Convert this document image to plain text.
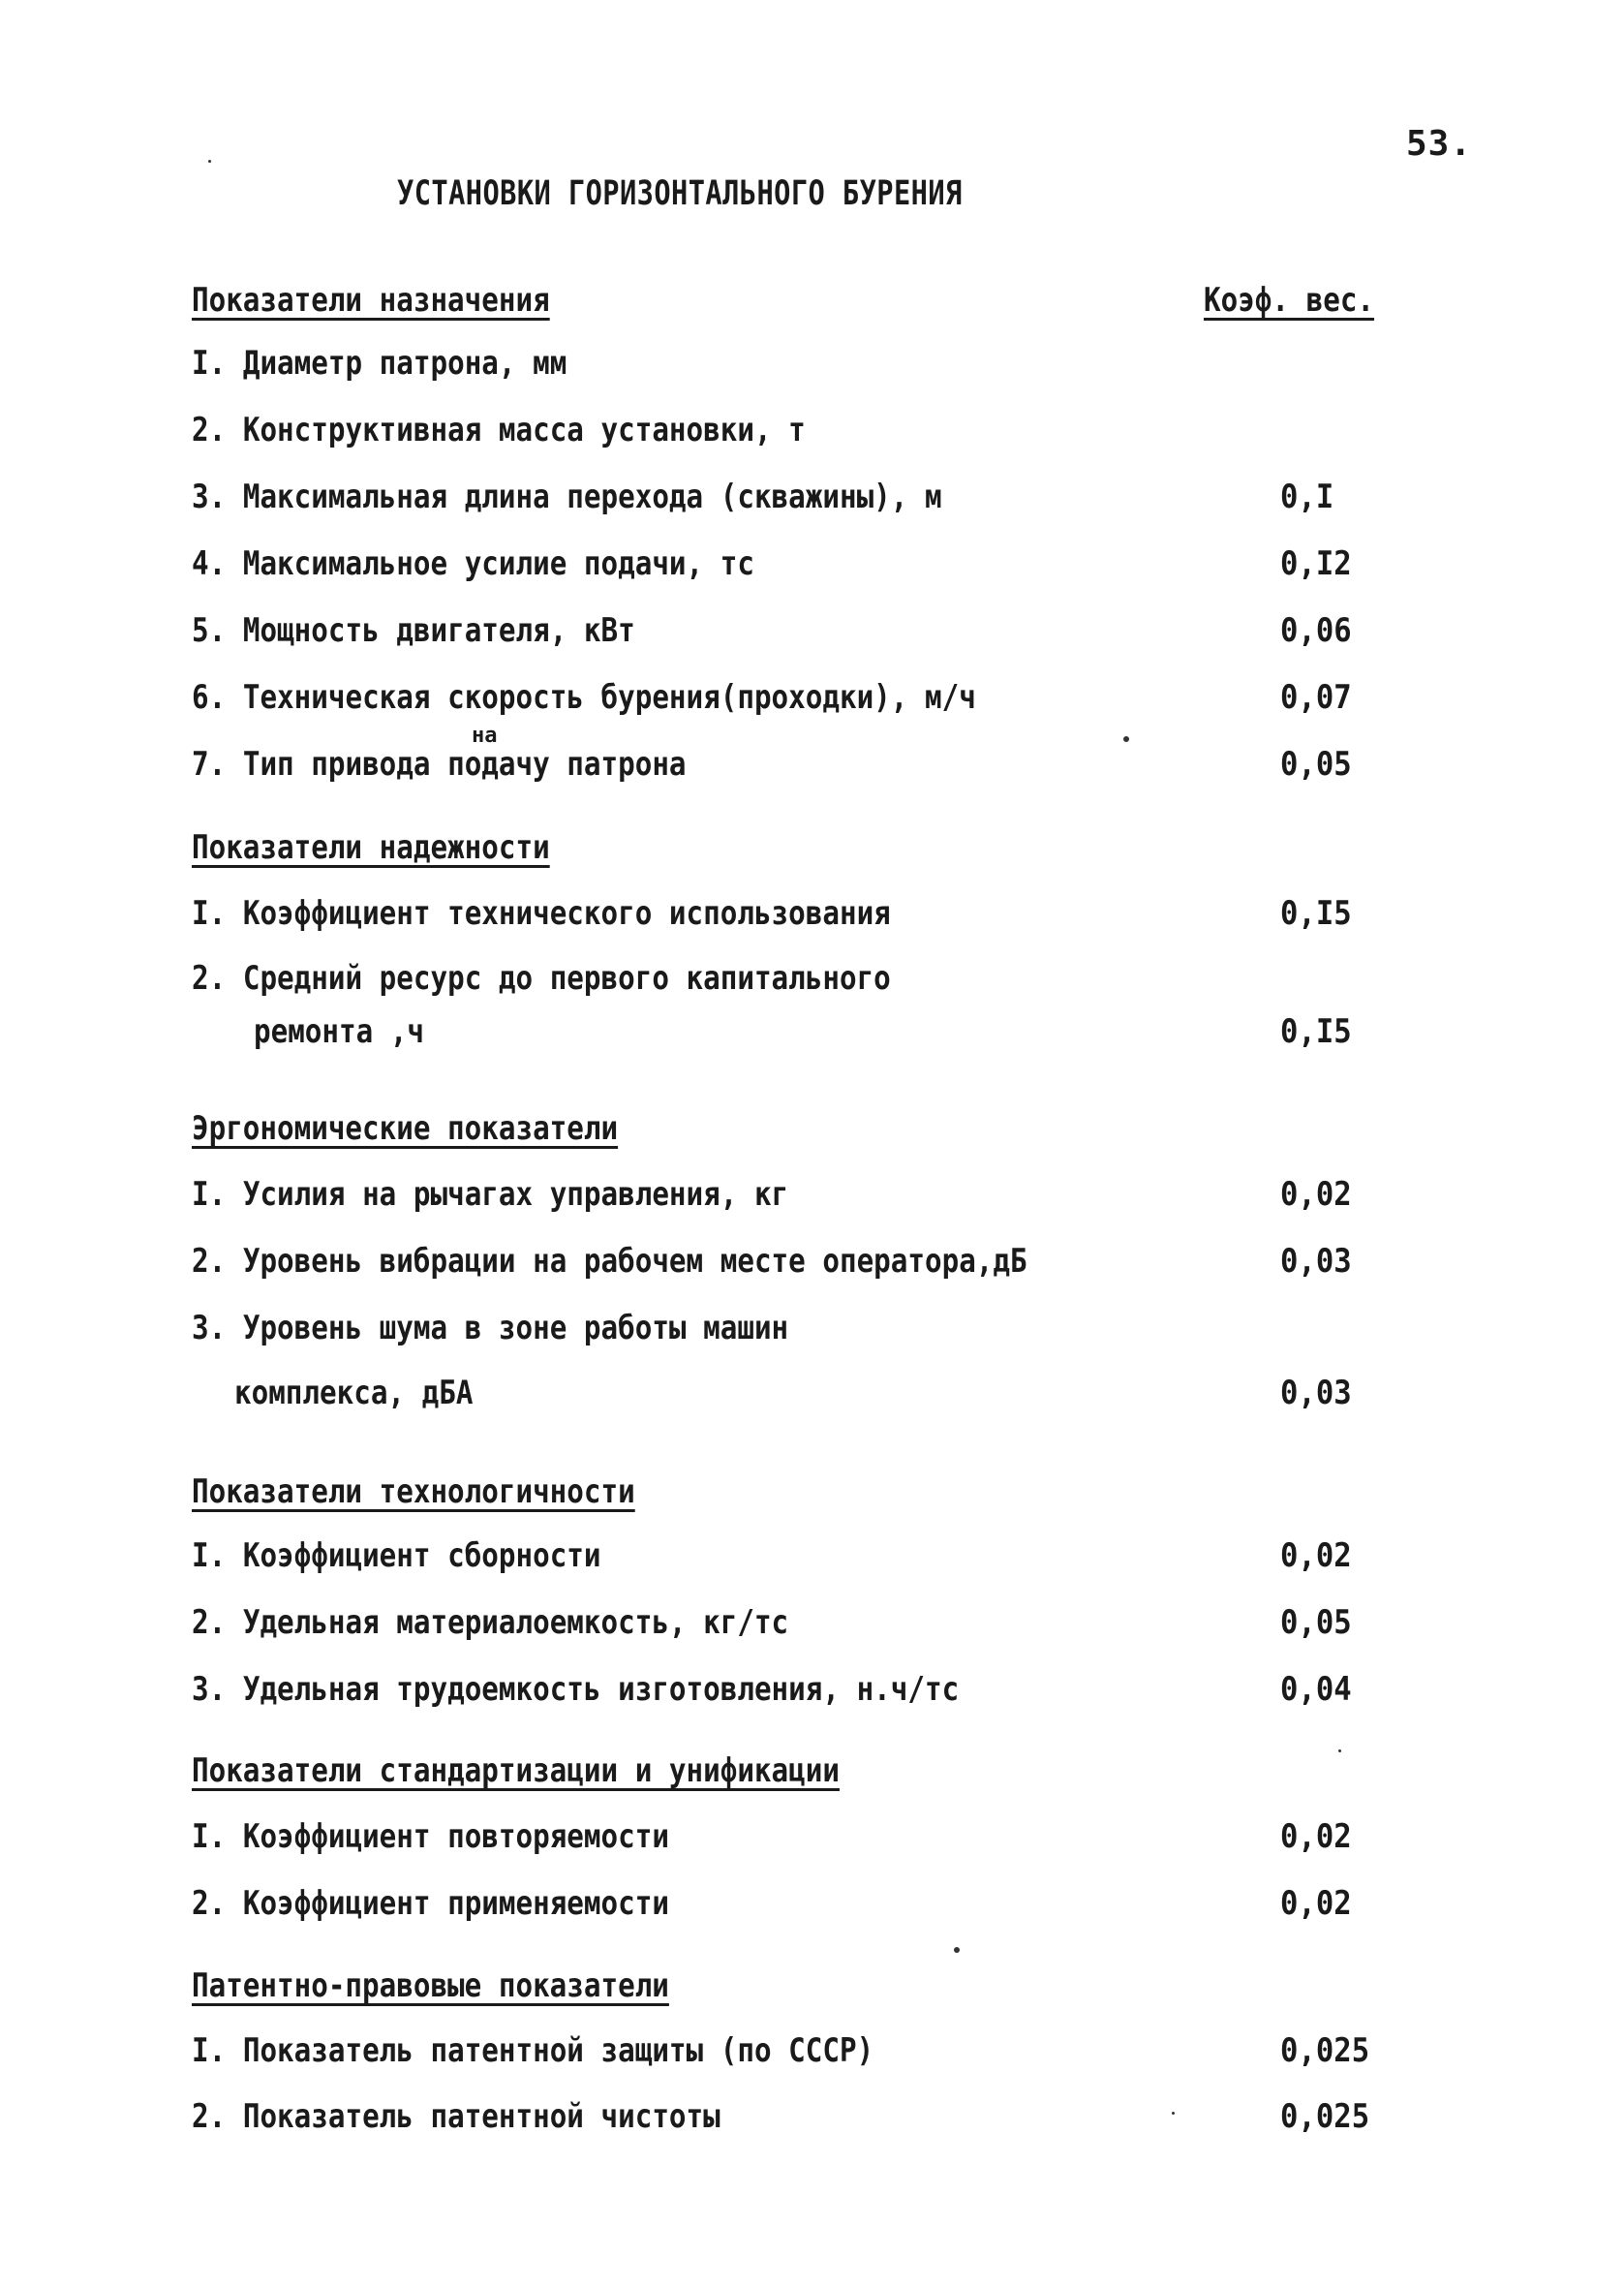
53.
УСТАНОВКИ ГОРИЗОНТАЛЬНОГО БУРЕНИЯ
Коэф. вес.
Показатели назначения
I. Диаметр патрона, мм
2. Конструктивная масса установки, т
3. Максимальная длина перехода (скважины), м	0,I
4. Максимальное усилие подачи, тс	0,I2
5. Мощность двигателя, кВт	0,06
6. Техническая скорость бурения(проходки), м/ч	0,07
на
7. Тип привода подачу патрона	0,05
Показатели надежности
I. Коэффициент технического использования	0,I5
2. Средний ресурс до первого капитального
ремонта ,ч	0,I5
Эргономические показатели
I. Усилия на рычагах управления, кг	0,02
2. Уровень вибрации на рабочем месте оператора,дБ	0,03
3. Уровень шума в зоне работы машин
комплекса, дБА	0,03
Показатели технологичности
I. Коэффициент сборности	0,02
2. Удельная материалоемкость, кг/тс	0,05
3. Удельная трудоемкость изготовления, н.ч/тс	0,04
Показатели стандартизации и унификации
I. Коэффициент повторяемости	0,02
2. Коэффициент применяемости	0,02
Патентно-правовые показатели
I. Показатель патентной защиты (по СССР)	0,025
2. Показатель патентной чистоты	0,025
